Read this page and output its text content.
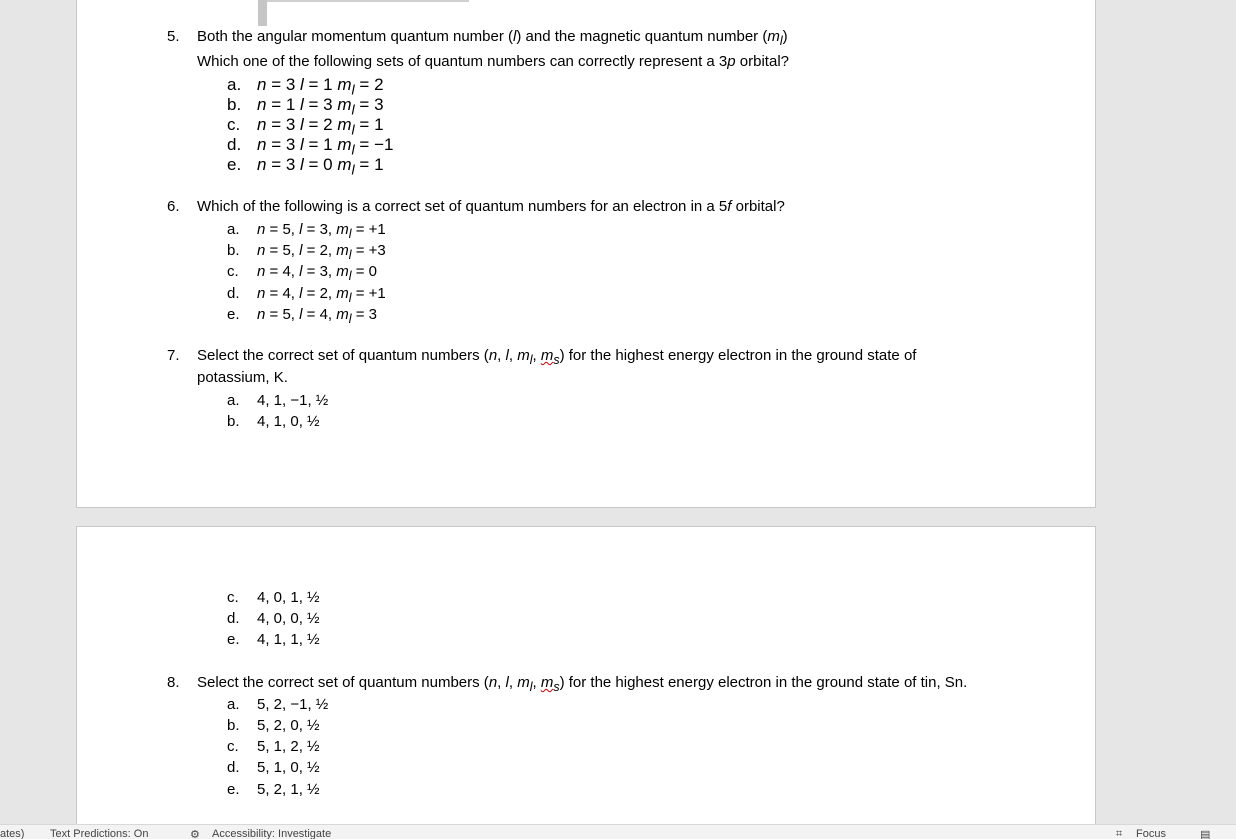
5. Both the angular momentum quantum number (l) and the magnetic quantum number $(m_l)$
Which one of the following sets of quantum numbers can correctly represent a 3p orbital?
a. n = 3 l = 1 $m_l = 2$
b. n = 1 l = 3 $m_l = 3$
c. n = 3 l = 2 $m_l = 1$
d. n = 3 l = 1 $m_l = -1$
e. n = 3 l = 0 $m_l = 1$
6. Which of the following is a correct set of quantum numbers for an electron in a 5f orbital?
a. n = 5, l = 3, $m_l = +1$
b. n = 5, l = 2, $m_l = +3$
c. n = 4, l = 3, $m_l = 0$
d. n = 4, l = 2, $m_l = +1$
e. n = 5, l = 4, $m_l = 3$
7. Select the correct set of quantum numbers (n, l, $m_l$, $m_s$) for the highest energy electron in the ground state of
potassium, K.
a. 4, 1, −1, ½
b. 4, 1, 0, ½
c. 4, 0, 1, ½
d. 4, 0, 0, ½
e. 4, 1, 1, ½
8. Select the correct set of quantum numbers (n, l, $m_l$, $m_s$) for the highest energy electron in the ground state of tin, Sn.
a. 5, 2, −1, ½
b. 5, 2, 0, ½
c. 5, 1, 2, ½
d. 5, 1, 0, ½
e. 5, 2, 1, ½
ates) Text Predictions: On	⚙ Accessibility: Investigate	⌗ Focus	▤
